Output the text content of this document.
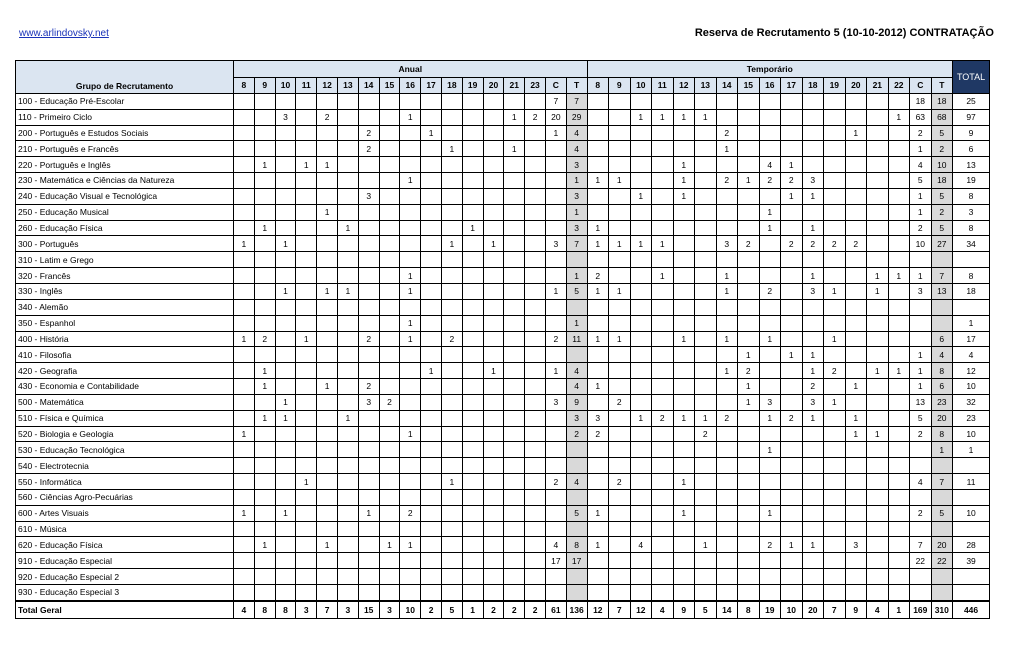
www.arlindovsky.net	Reserva de Recrutamento 5 (10-10-2012) CONTRATAÇÃO
Grupo de Recrutamento	Anual																	Temporário																	TOTAL
	8	9	10	11	12	13	14	15	16	17	18	19	20	21	23	C	T	8	9	10	11	12	13	14	15	16	17	18	19	20	21	22	C	T	
100 - Educação Pré-Escolar																7	7																18	18	25
110 - Primeiro Ciclo			3		2				1					1	2	20	29			1	1	1	1									1	63	68	97
200 - Português e Estudos Sociais							2			1						1	4							2						1			2	5	9
210 - Português e Francês							2				1			1			4							1									1	2	6
220 - Português e Inglês		1		1	1												3					1				4	1						4	10	13
230 - Matemática e Ciências da Natureza									1								1	1	1			1		2	1	2	2	3					5	18	19
240 - Educação Visual e Tecnológica							3										3			1		1					1	1					1	5	8
250 - Educação Musical					1												1									1							1	2	3
260 - Educação Física		1				1						1					3	1								1		1					2	5	8
300 - Português	1		1								1		1			3	7	1	1	1	1			3	2		2	2	2	2			10	27	34
310 - Latim e Grego																																			
320 - Francês									1								1	2			1			1				1			1	1	1	7	8
330 - Inglês			1		1	1			1							1	5	1	1					1		2		3	1		1		3	13	18
340 - Alemão																																			
350 - Espanhol									1								1																		1
400 - História	1	2		1			2		1		2					2	11	1	1			1		1		1			1					6	17
410 - Filosofia																									1		1	1					1	4	4
420 - Geografia		1								1			1			1	4							1	2			1	2		1	1	1	8	12
430 - Economia e Contabilidade		1			1		2										4	1							1			2		1			1	6	10
500 - Matemática			1				3	2								3	9		2						1	3		3	1				13	23	32
510 - Física e Química		1	1			1											3	3		1	2	1	1	2		1	2	1		1			5	20	23
520 - Biologia e Geologia	1								1								2	2					2							1	1		2	8	10
530 - Educação Tecnológica																										1								1	1
540 - Electrotecnia																																			
550 - Informática				1							1					2	4		2			1											4	7	11
560 - Ciências Agro-Pecuárias																																			
600 - Artes Visuais	1		1				1		2								5	1				1				1							2	5	10
610 - Música																																			
620 - Educação Física		1			1			1	1							4	8	1		4			1			2	1	1		3			7	20	28
910 - Educação Especial																17	17																22	22	39
920 - Educação Especial 2																																			
930 - Educação Especial 3																																			
Total Geral	4	8	8	3	7	3	15	3	10	2	5	1	2	2	2	61	136	12	7	12	4	9	5	14	8	19	10	20	7	9	4	1	169	310	446
